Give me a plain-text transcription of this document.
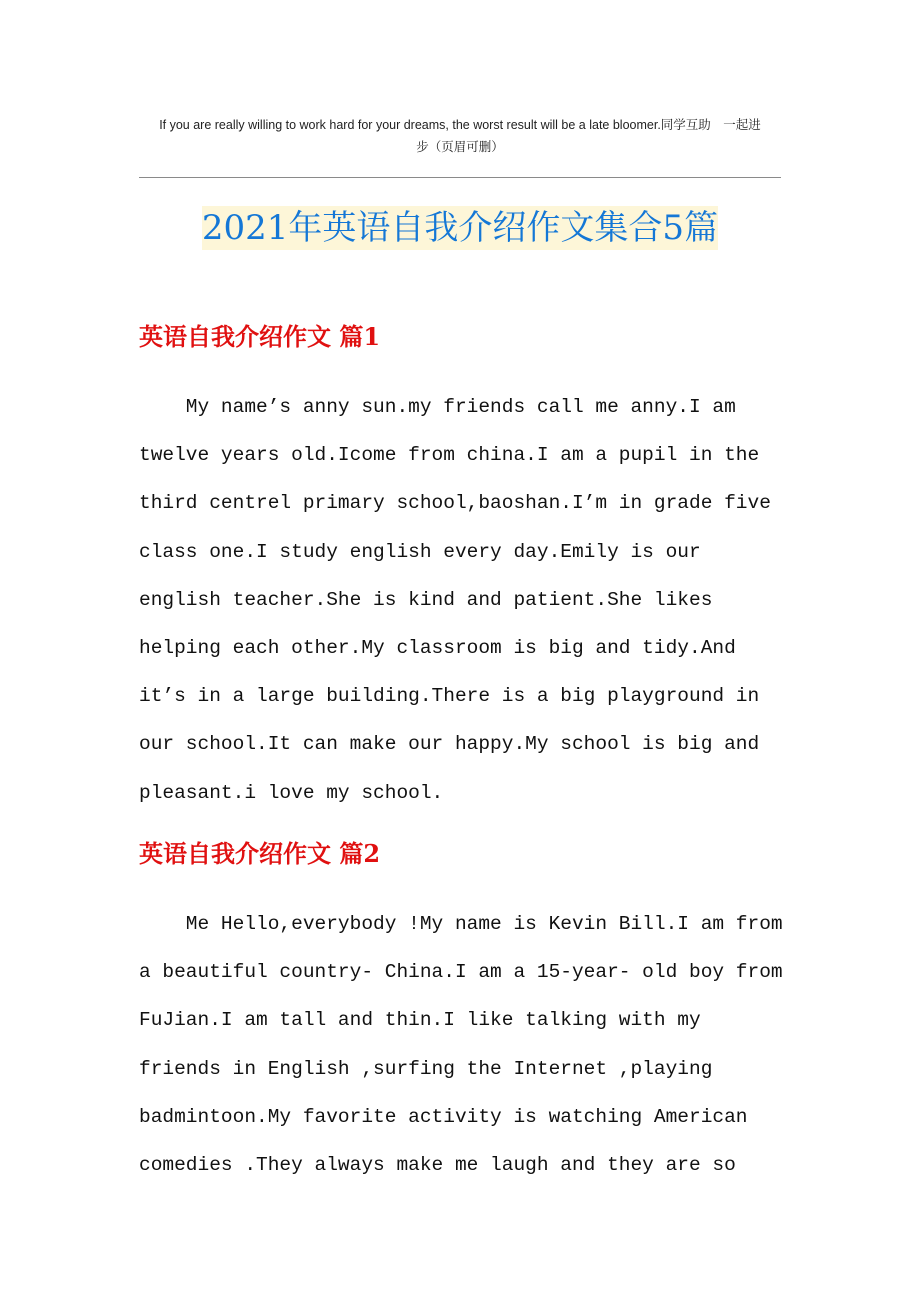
If you are really willing to work hard for your dreams, the worst result will be a late bloomer.同学互助　一起进
步（页眉可删）
2021年英语自我介绍作文集合5篇
英语自我介绍作文 篇1
My name’s anny sun.my friends call me anny.I am
twelve years old.Icome from china.I am a pupil in the
third centrel primary school,baoshan.I’m in grade five
class one.I study english every day.Emily is our
english teacher.She is kind and patient.She likes
helping each other.My classroom is big and tidy.And
it’s in a large building.There is a big playground in
our school.It can make our happy.My school is big and
pleasant.i love my school.
英语自我介绍作文 篇2
Me Hello,everybody !My name is Kevin Bill.I am from
a beautiful country- China.I am a 15-year- old boy from
FuJian.I am tall and thin.I like talking with my
friends in English ,surfing the Internet ,playing
badmintoon.My favorite activity is watching American
comedies .They always make me laugh and they are so
